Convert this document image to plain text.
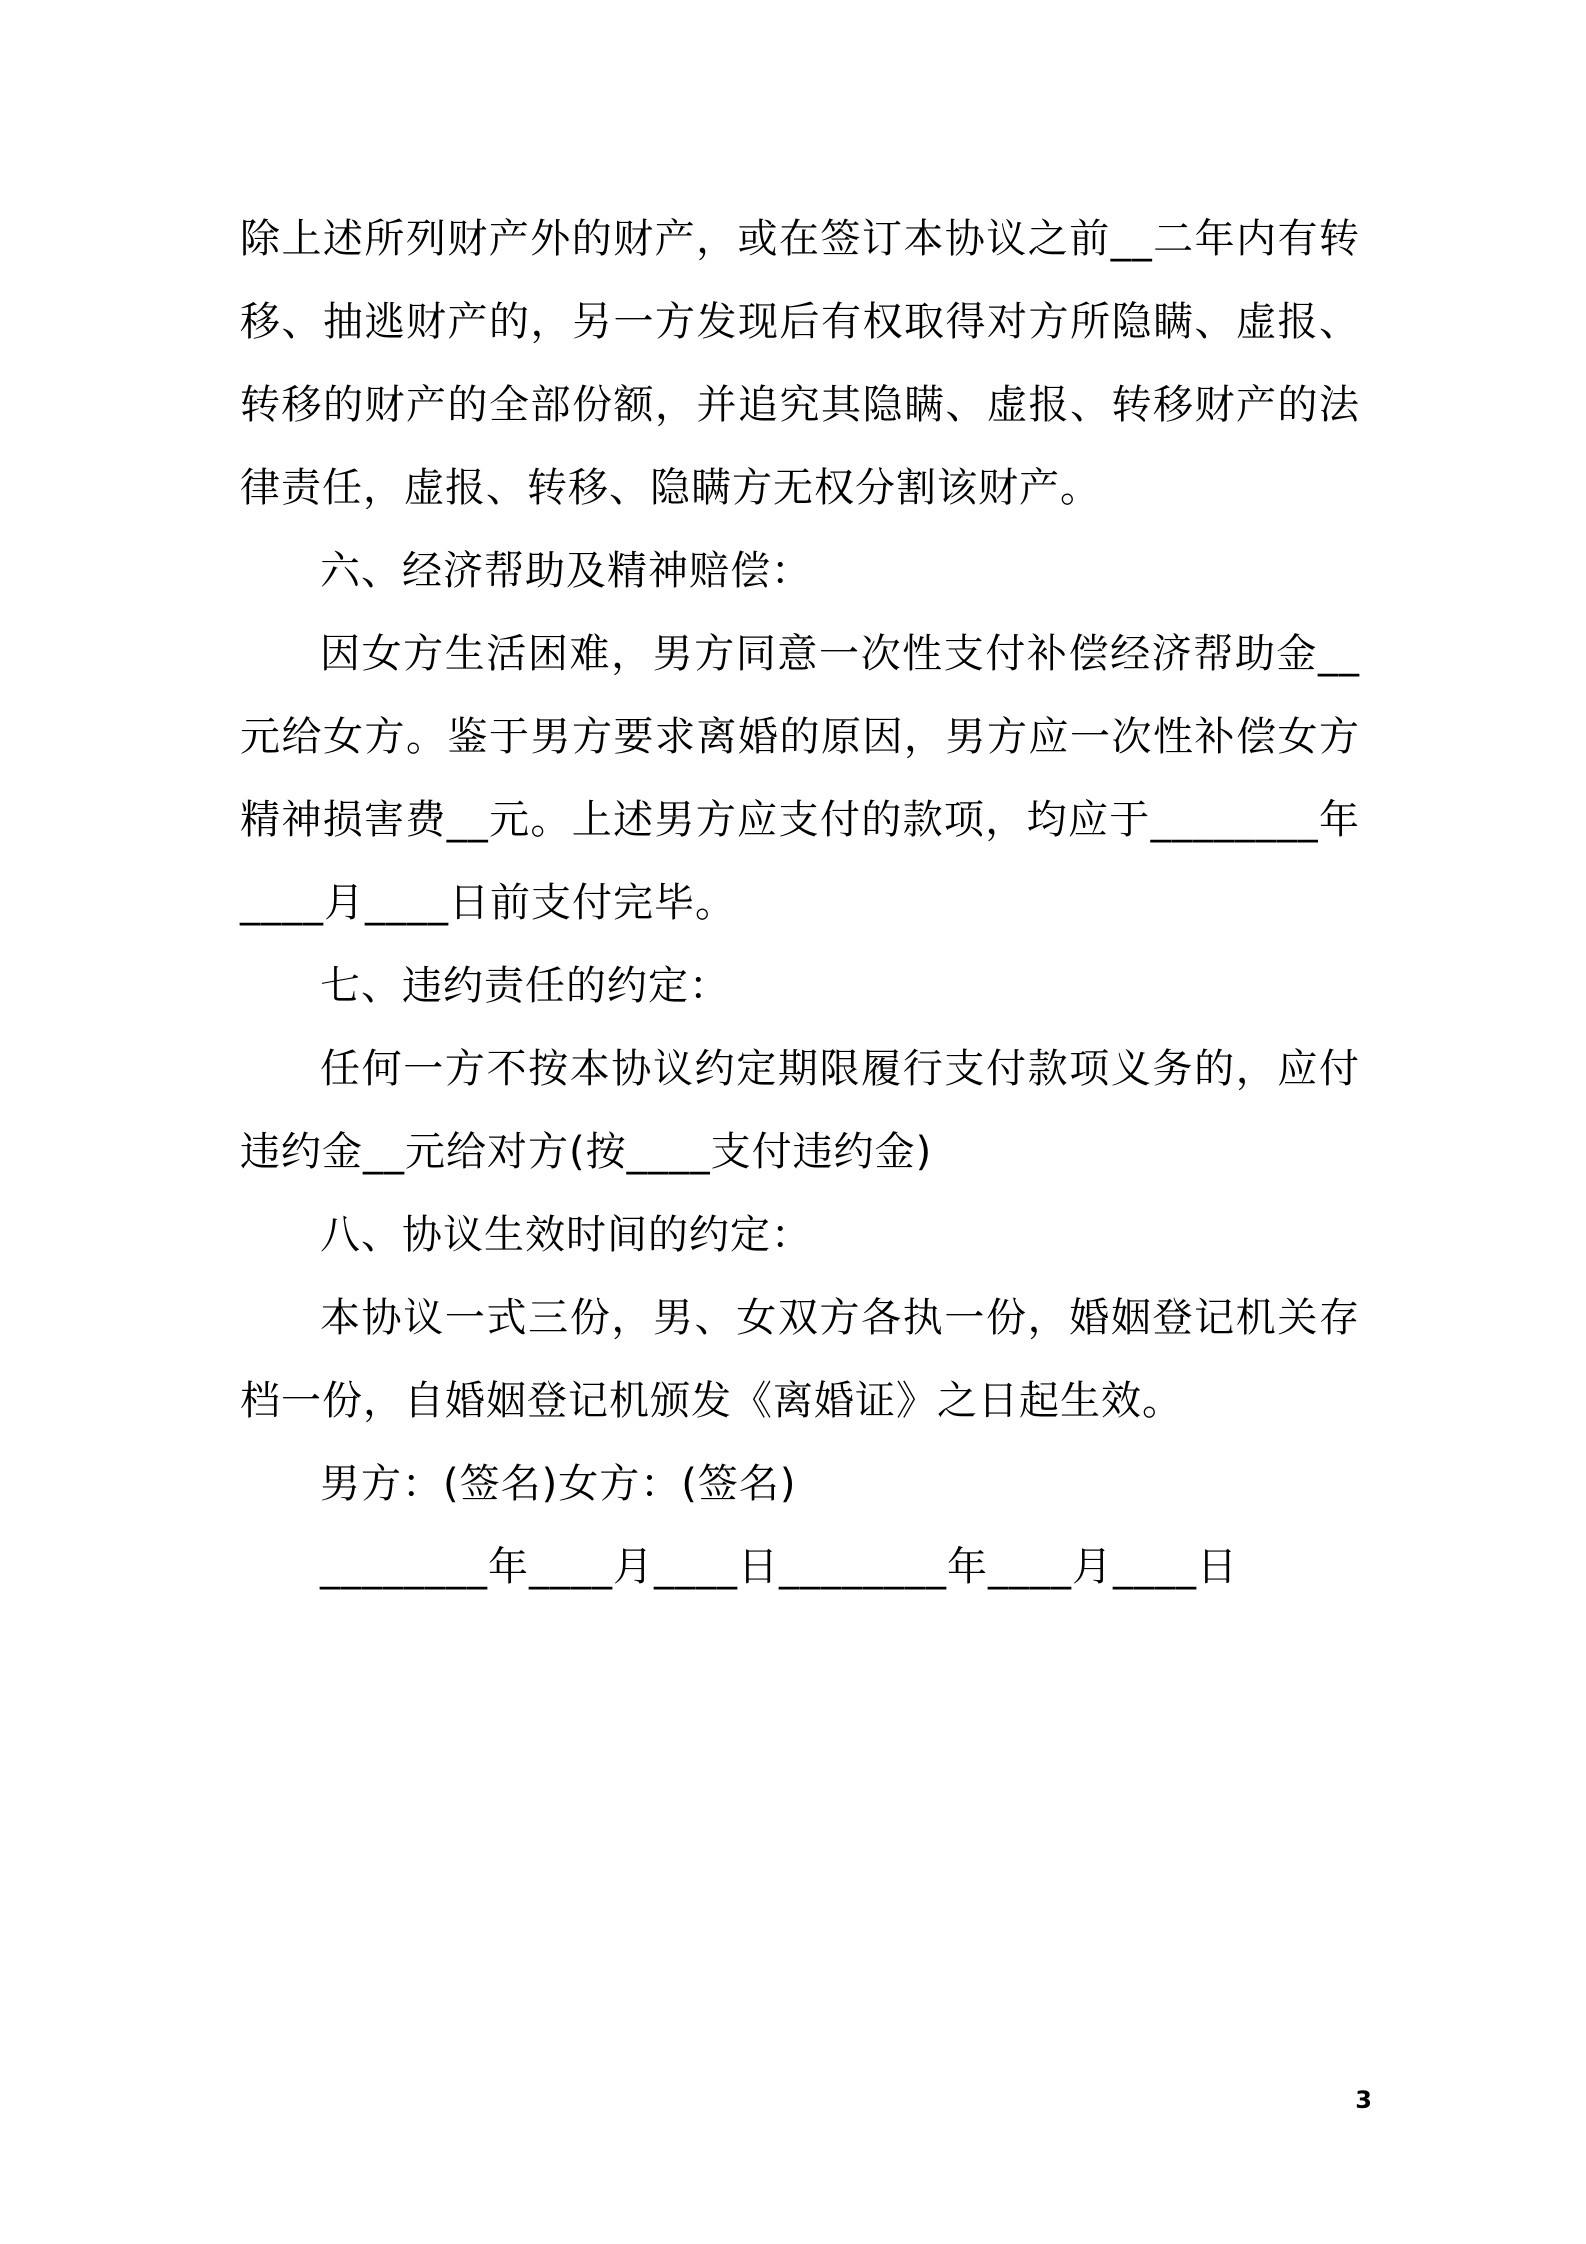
除上述所列财产外的财产，或在签订本协议之前__二年内有转移、抽逃财产的，另一方发现后有权取得对方所隐瞒、虚报、转移的财产的全部份额，并追究其隐瞒、虚报、转移财产的法律责任，虚报、转移、隐瞒方无权分割该财产。

六、经济帮助及精神赔偿：

因女方生活困难，男方同意一次性支付补偿经济帮助金__元给女方。鉴于男方要求离婚的原因，男方应一次性补偿女方精神损害费__元。上述男方应支付的款项，均应于________年____月____日前支付完毕。

七、违约责任的约定：

任何一方不按本协议约定期限履行支付款项义务的，应付违约金__元给对方(按____支付违约金)

八、协议生效时间的约定：

本协议一式三份，男、女双方各执一份，婚姻登记机关存档一份，自婚姻登记机颁发《离婚证》之日起生效。

男方：(签名)女方：(签名)

________年____月____日________年____月____日

3
